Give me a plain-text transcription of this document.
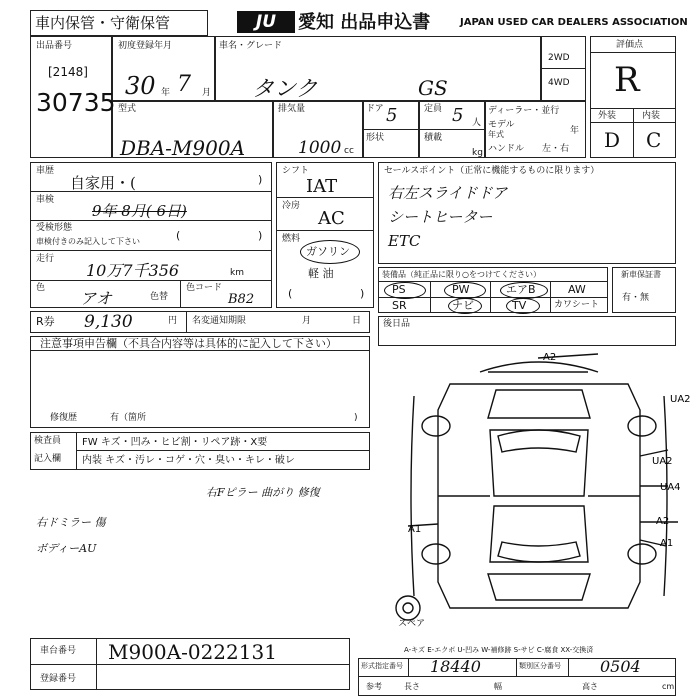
車内保管・守衛保管	JU	愛知 出品申込書	JAPAN USED CAR DEALERS ASSOCIATION
出品番号
[2148]
30735
初度登録年月
30 年 7 月
車名・グレード
タンク	GS
2WD
4WD
型式
DBA-M900A
排気量
1000 cc
ドア 5	定員 5 人
形状	積載
kg
ディーラー・並行
モデル
年式	年
ハンドル 左・右
評価点
R
外装	内装
D C
車歴
自家用・(	)
車検
9年 8月( 6日)
受検形態
車検付きのみ記入して下さい	(	)
走行
10万7千356	km
色
アオ	色替
色コード
B82
R券 9,130	円 名変通知期限	月	日
シフト
IAT
冷房
AC
燃料
ガソリン
軽 油
(	)
セールスポイント（正常に機能するものに限ります）
右左スライドドア
シートヒーター
ETC
装備品（純正品に限り○をつけてください）
PS	PW	エアB	AW
SR	ナビ	TV	カワシート
新車保証書
有・無
後日品
注意事項申告欄（不具合内容等は具体的に記入して下さい）
修復歴	有（箇所	)
検査員
記入欄
FW キズ・凹み・ヒビ割・リペア跡・X要
内装 キズ・汚レ・コゲ・穴・臭い・キレ・破レ
右Fピラー 曲がり 修復
右ドミラー 傷
ボディーAU
A2
UA2
UA2
UA4
A1
A2
A1
スペア
A-キズ E-エクボ U-凹み W-補修跡 S-サビ C-腐食 XX-交換済
車台番号 M900A-0222131
登録番号
形式指定番号 18440	類別区分番号 0504
参考	長さ	幅	高さ	cm
